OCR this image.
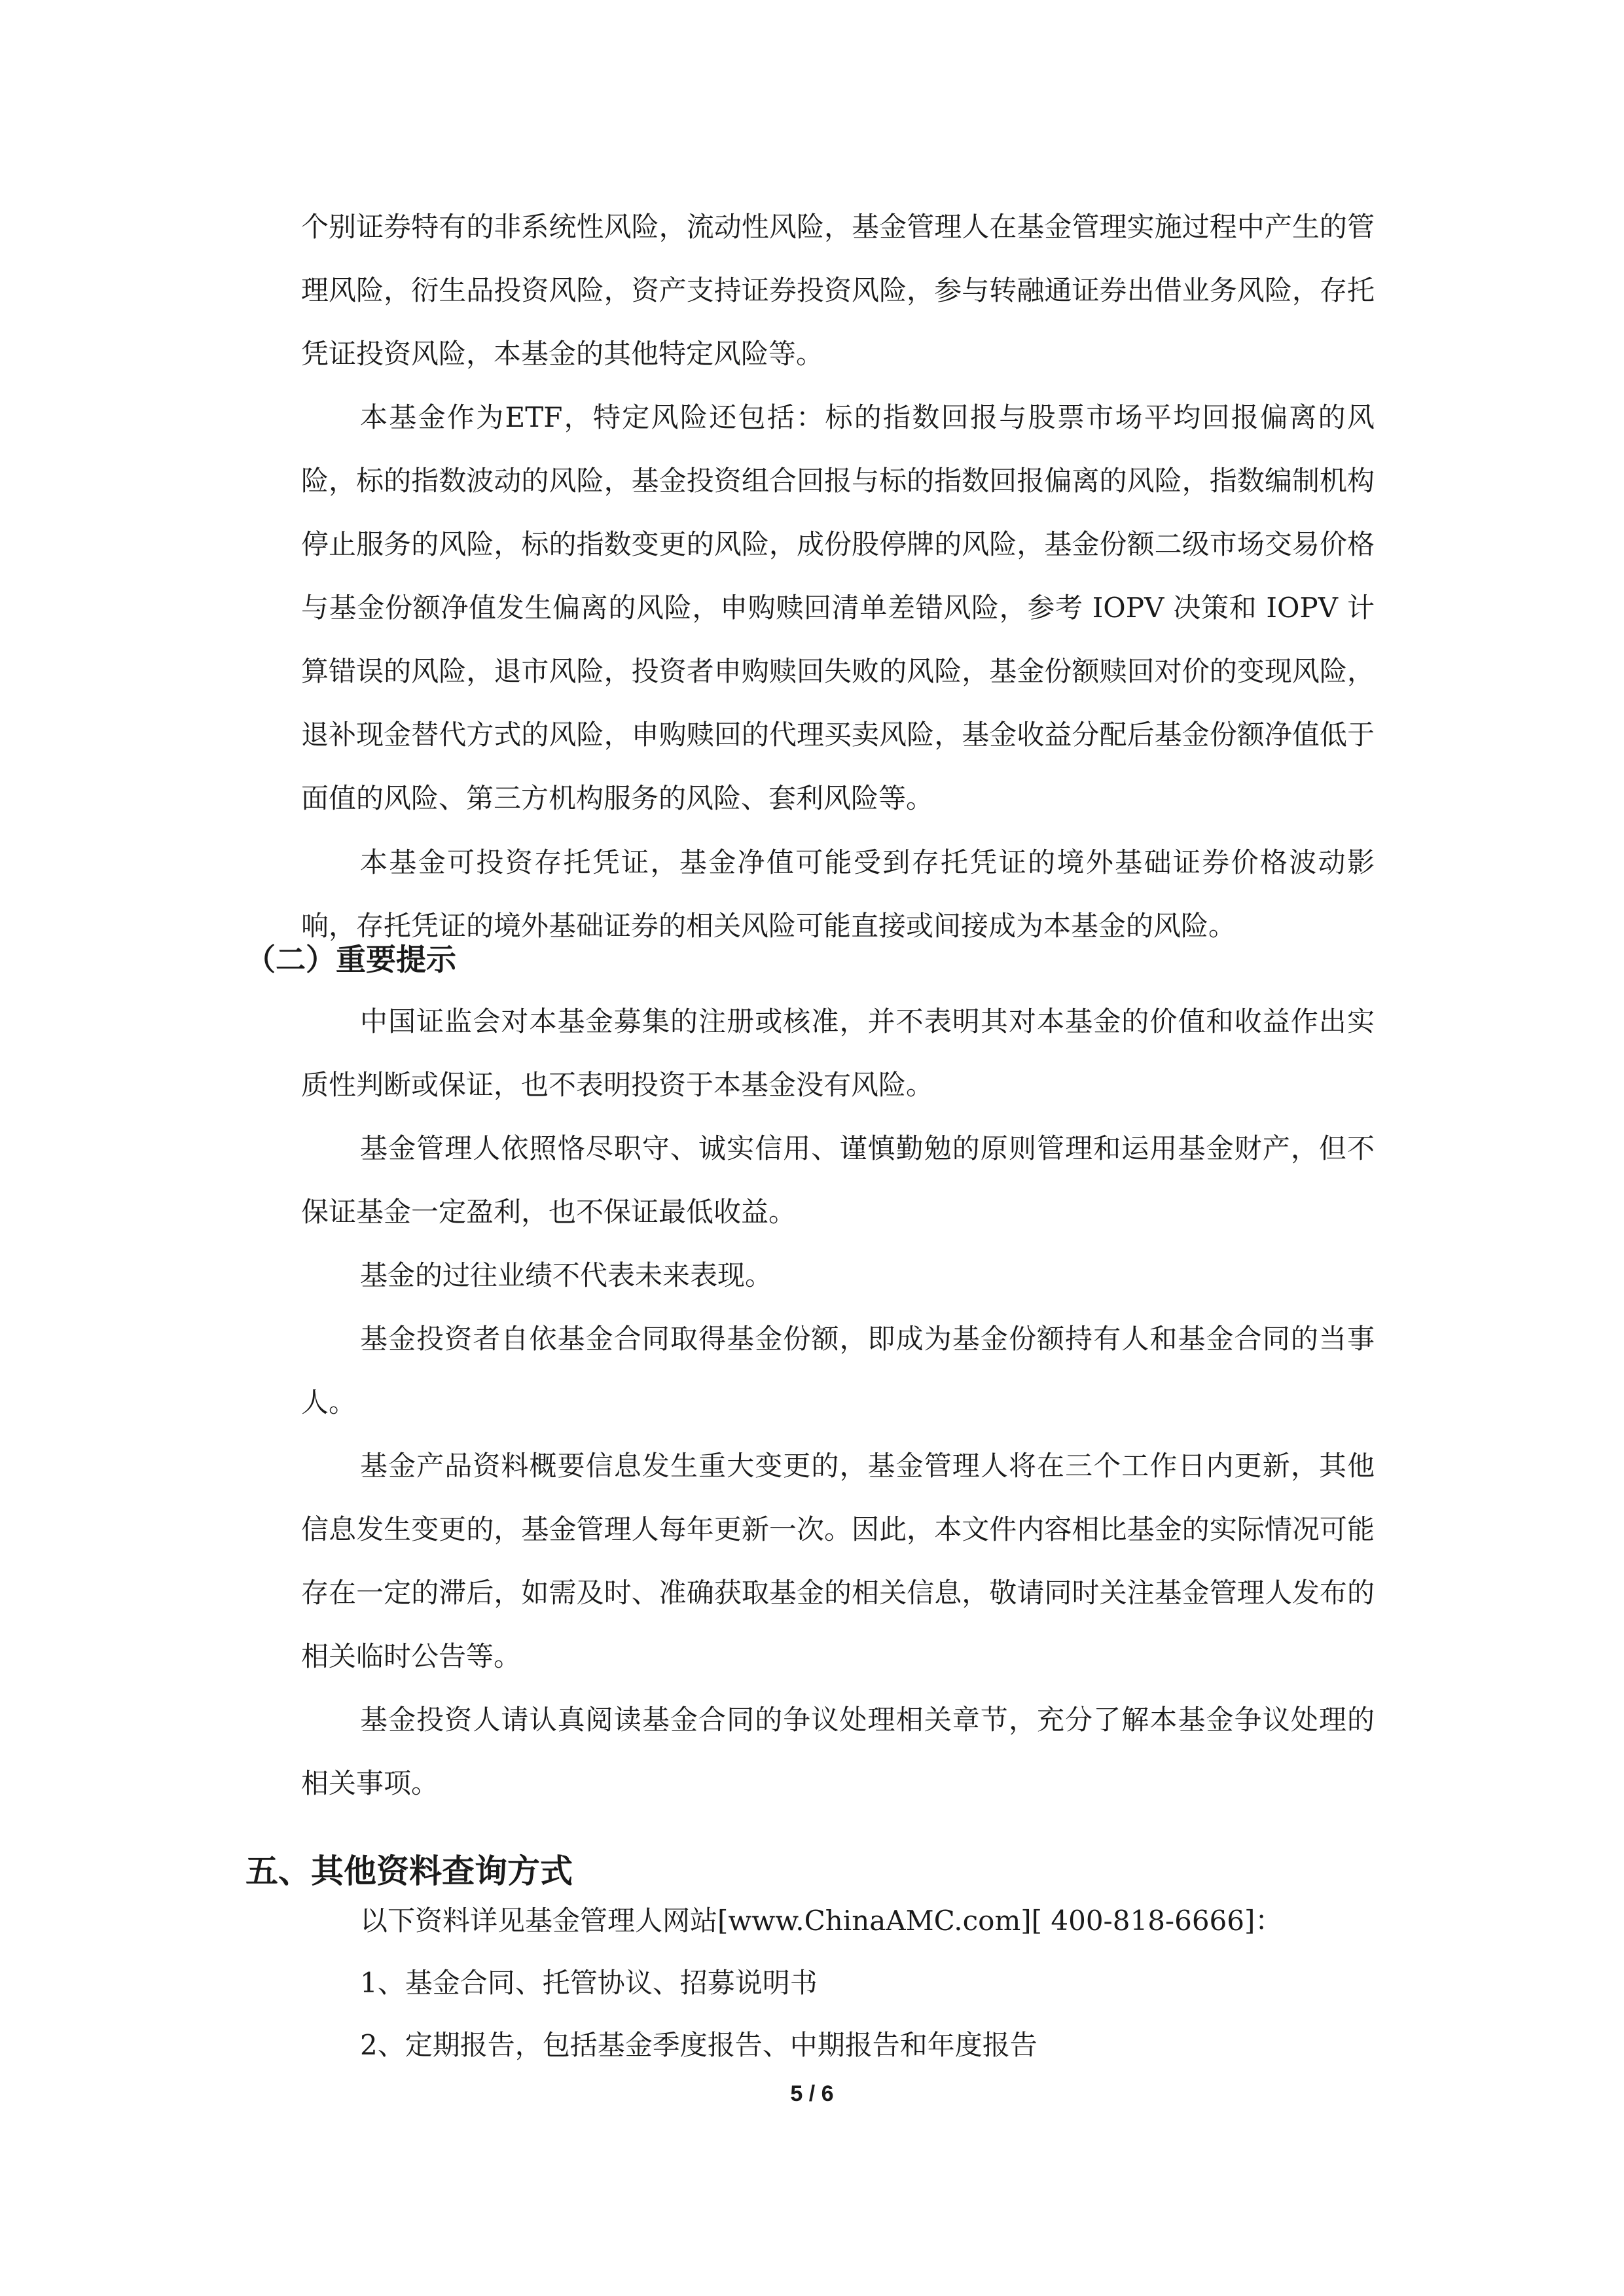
个别证券特有的非系统性风险，流动性风险，基金管理人在基金管理实施过程中产生的管理风险，衍生品投资风险，资产支持证券投资风险，参与转融通证券出借业务风险，存托凭证投资风险，本基金的其他特定风险等。

本基金作为ETF，特定风险还包括：标的指数回报与股票市场平均回报偏离的风险，标的指数波动的风险，基金投资组合回报与标的指数回报偏离的风险，指数编制机构停止服务的风险，标的指数变更的风险，成份股停牌的风险，基金份额二级市场交易价格与基金份额净值发生偏离的风险，申购赎回清单差错风险，参考 IOPV 决策和 IOPV 计算错误的风险，退市风险，投资者申购赎回失败的风险，基金份额赎回对价的变现风险，退补现金替代方式的风险，申购赎回的代理买卖风险，基金收益分配后基金份额净值低于面值的风险、第三方机构服务的风险、套利风险等。

本基金可投资存托凭证，基金净值可能受到存托凭证的境外基础证券价格波动影响，存托凭证的境外基础证券的相关风险可能直接或间接成为本基金的风险。

（二）重要提示

中国证监会对本基金募集的注册或核准，并不表明其对本基金的价值和收益作出实质性判断或保证，也不表明投资于本基金没有风险。

基金管理人依照恪尽职守、诚实信用、谨慎勤勉的原则管理和运用基金财产，但不保证基金一定盈利，也不保证最低收益。

基金的过往业绩不代表未来表现。

基金投资者自依基金合同取得基金份额，即成为基金份额持有人和基金合同的当事人。

基金产品资料概要信息发生重大变更的，基金管理人将在三个工作日内更新，其他信息发生变更的，基金管理人每年更新一次。因此，本文件内容相比基金的实际情况可能存在一定的滞后，如需及时、准确获取基金的相关信息，敬请同时关注基金管理人发布的相关临时公告等。

基金投资人请认真阅读基金合同的争议处理相关章节，充分了解本基金争议处理的相关事项。

五、其他资料查询方式

以下资料详见基金管理人网站[www.ChinaAMC.com][ 400-818-6666]：

1、基金合同、托管协议、招募说明书

2、定期报告，包括基金季度报告、中期报告和年度报告

5 / 6
